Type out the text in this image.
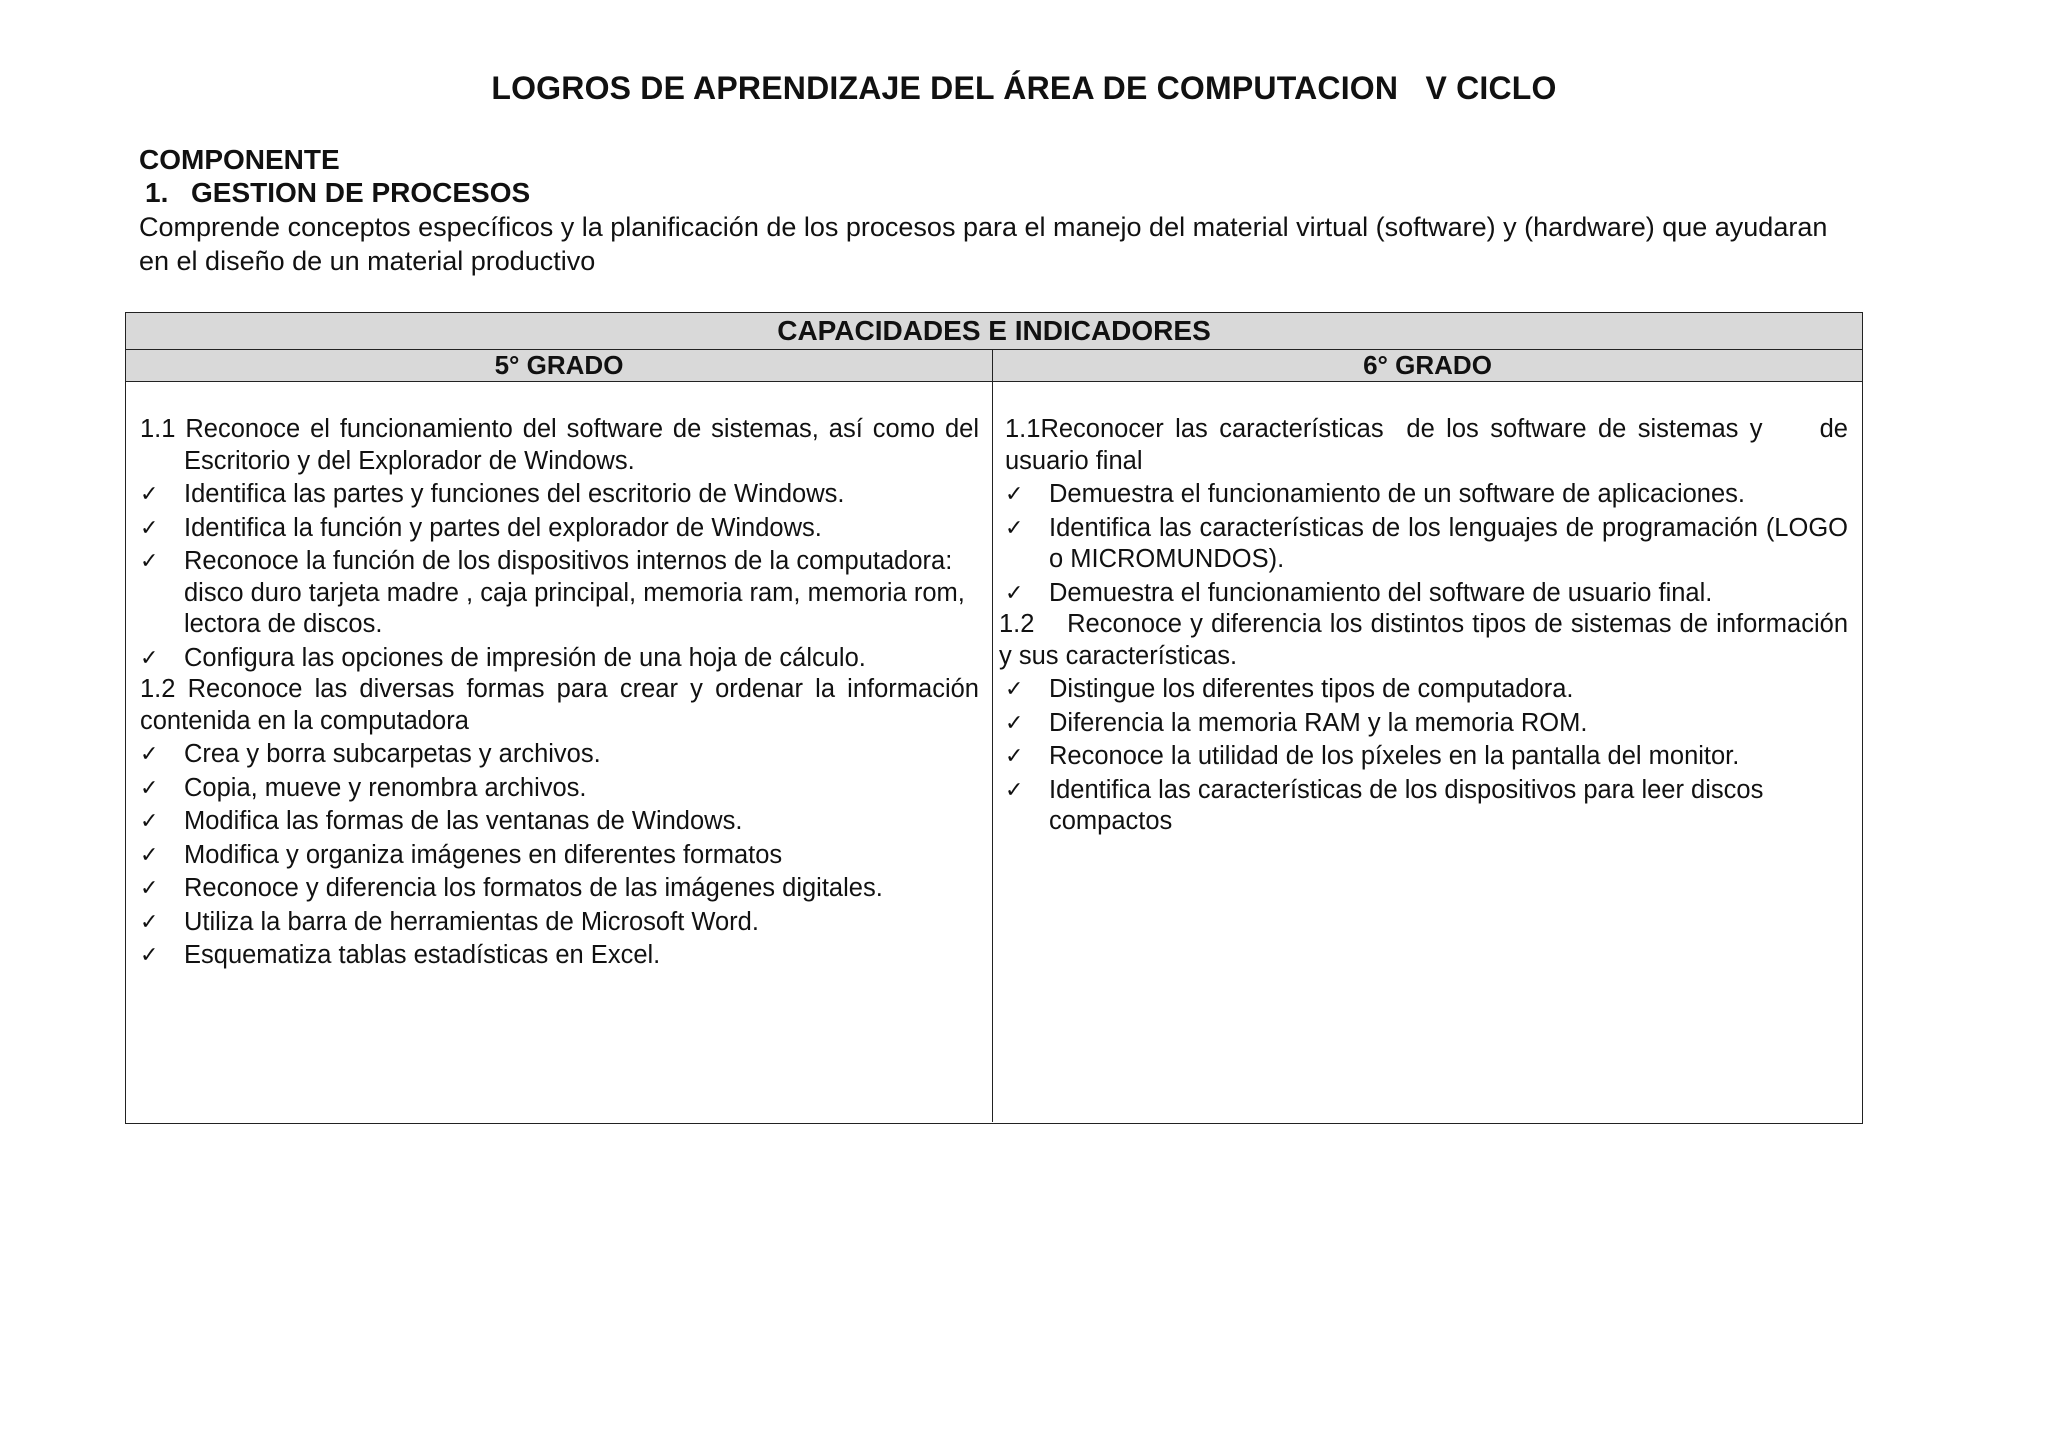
LOGROS DE APRENDIZAJE DEL ÁREA DE COMPUTACION   V CICLO
COMPONENTE
1. GESTION DE PROCESOS
Comprende conceptos específicos y la planificación de los procesos para el manejo del material virtual (software) y (hardware) que ayudaran en el diseño de un material productivo
CAPACIDADES E INDICADORES
5° GRADO	6° GRADO
1.1 Reconoce el funcionamiento del software de sistemas, así como del Escritorio y del Explorador de Windows.
✓	Identifica las partes y funciones del escritorio de Windows.
✓	Identifica la función y partes del explorador de Windows.
✓	Reconoce la función de los dispositivos internos de la computadora: disco duro tarjeta madre , caja principal, memoria ram, memoria rom, lectora de discos.
✓	Configura las opciones de impresión de una hoja de cálculo.
1.2 Reconoce las diversas formas para crear y ordenar la información contenida en la computadora
✓	Crea y borra subcarpetas y archivos.
✓	Copia, mueve y renombra archivos.
✓	Modifica las formas de las ventanas de Windows.
✓	Modifica y organiza imágenes en diferentes formatos
✓	Reconoce y diferencia los formatos de las imágenes digitales.
✓	Utiliza la barra de herramientas de Microsoft Word.
✓	Esquematiza tablas estadísticas en Excel.
1.1Reconocer las características  de los software de sistemas y     de usuario final
✓	Demuestra el funcionamiento de un software de aplicaciones.
✓	Identifica las características de los lenguajes de programación (LOGO o MICROMUNDOS).
✓	Demuestra el funcionamiento del software de usuario final.
1.2    Reconoce y diferencia los distintos tipos de sistemas de información y sus características.
✓	Distingue los diferentes tipos de computadora.
✓	Diferencia la memoria RAM y la memoria ROM.
✓	Reconoce la utilidad de los píxeles en la pantalla del monitor.
✓	Identifica las características de los dispositivos para leer discos compactos
